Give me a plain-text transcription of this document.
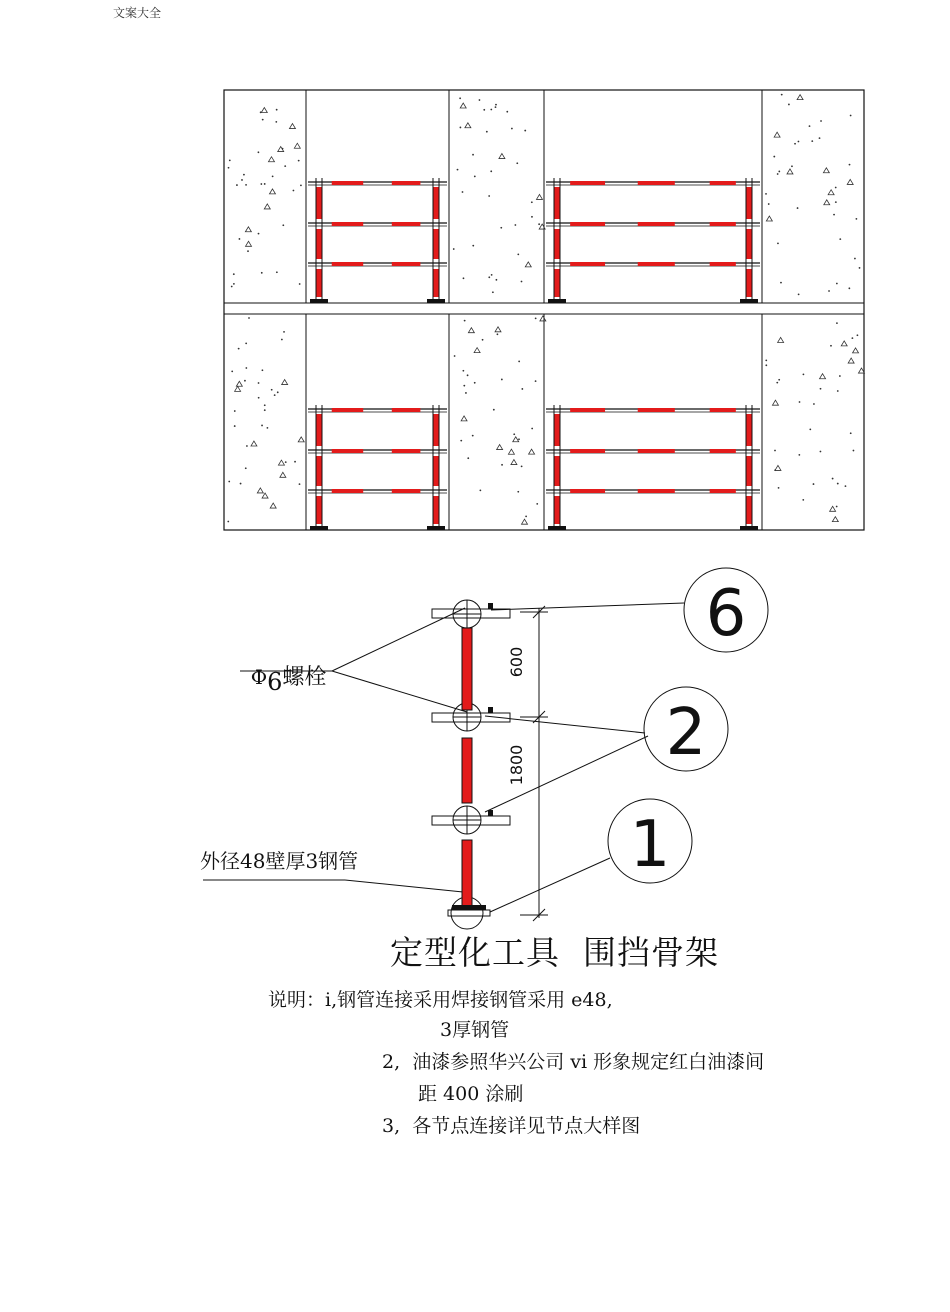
文案大全
600
1800
6
2
1

Φ6螺栓

外径48壁厚3钢管
定型化工具  围挡骨架
说明：i,钢管连接采用焊接钢管采用 e48,
3厚钢管
2,  油漆参照华兴公司 vi 形象规定红白油漆间
距 400 涂刷
3,  各节点连接详见节点大样图
